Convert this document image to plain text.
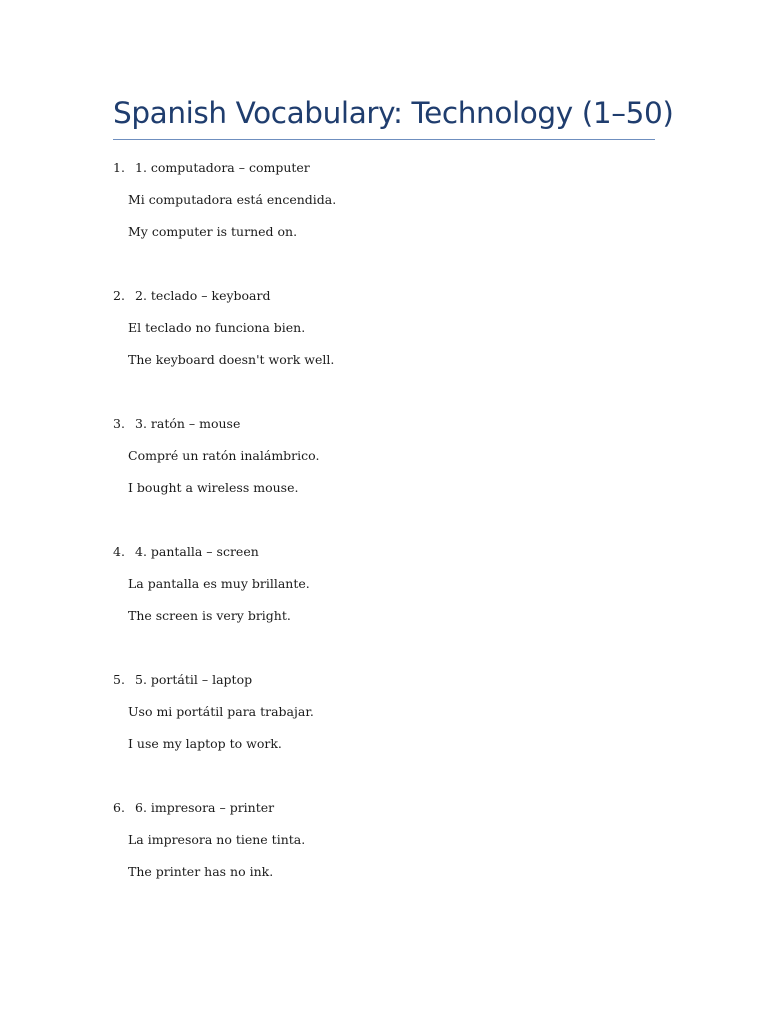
Spanish Vocabulary: Technology (1–50)
1. 1. computadora – computer
Mi computadora está encendida.
My computer is turned on.
2. 2. teclado – keyboard
El teclado no funciona bien.
The keyboard doesn't work well.
3. 3. ratón – mouse
Compré un ratón inalámbrico.
I bought a wireless mouse.
4. 4. pantalla – screen
La pantalla es muy brillante.
The screen is very bright.
5. 5. portátil – laptop
Uso mi portátil para trabajar.
I use my laptop to work.
6. 6. impresora – printer
La impresora no tiene tinta.
The printer has no ink.
